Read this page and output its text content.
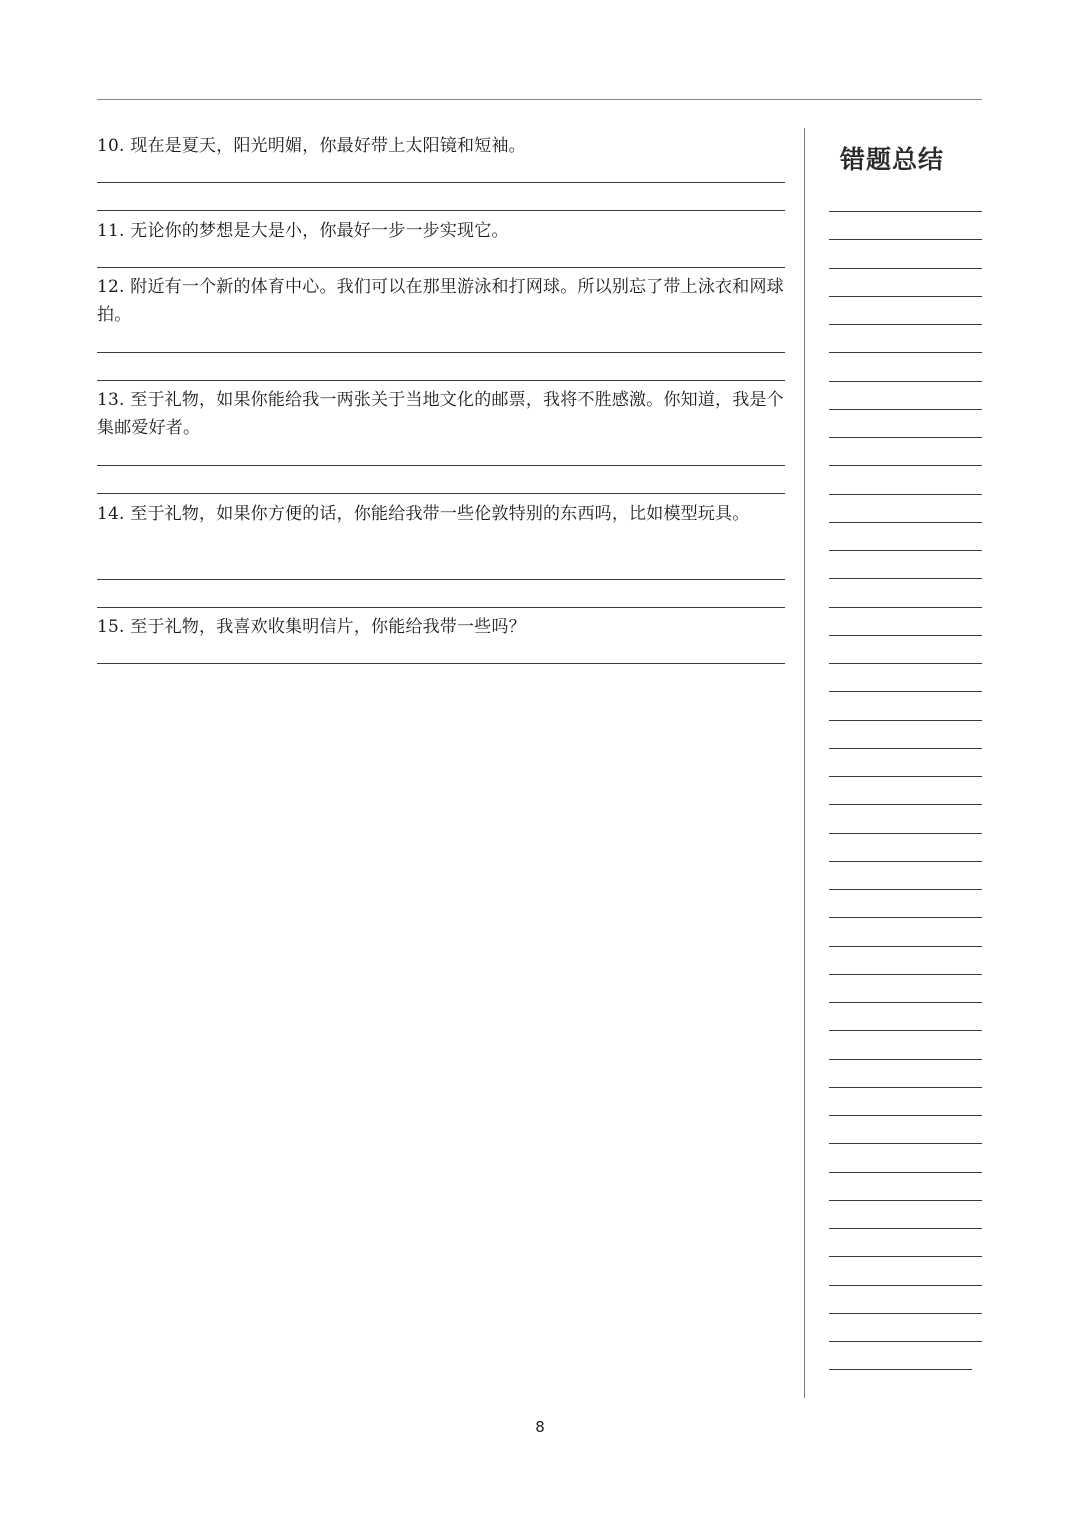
10. 现在是夏天，阳光明媚，你最好带上太阳镜和短袖。
11. 无论你的梦想是大是小，你最好一步一步实现它。
12. 附近有一个新的体育中心。我们可以在那里游泳和打网球。所以别忘了带上泳衣和网球拍。
13. 至于礼物，如果你能给我一两张关于当地文化的邮票，我将不胜感激。你知道，我是个集邮爱好者。
14. 至于礼物，如果你方便的话，你能给我带一些伦敦特别的东西吗，比如模型玩具。
15. 至于礼物，我喜欢收集明信片，你能给我带一些吗？
错题总结
8
